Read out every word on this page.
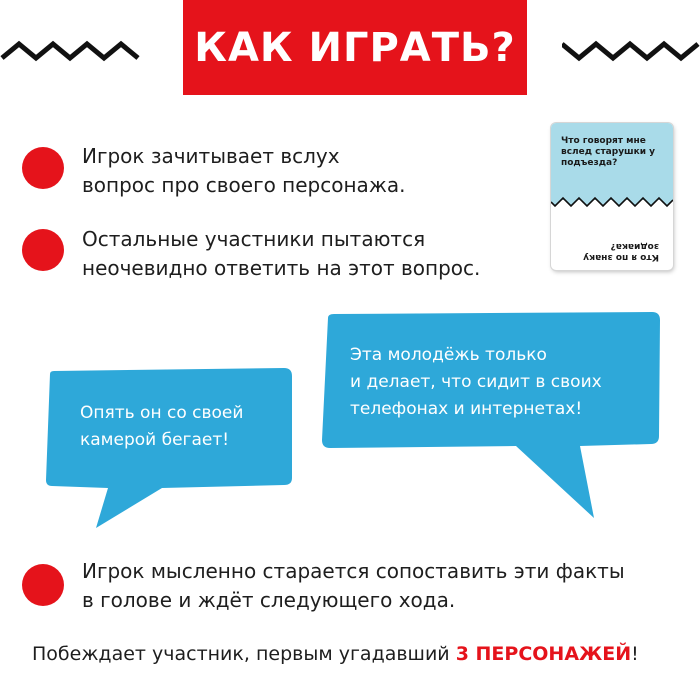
КАК ИГРАТЬ?
Игрок зачитывает вслух
вопрос про своего персонажа.
Остальные участники пытаются
неочевидно ответить на этот вопрос.
Что говорят мне вслед старушки у подъезда?
Кто я по знаку зодиака?
Опять он со своей
камерой бегает!
Эта молодёжь только
и делает, что сидит в своих
телефонах и интернетах!
Игрок мысленно старается сопоставить эти факты
в голове и ждёт следующего хода.
Побеждает участник, первым угадавший 3 ПЕРСОНАЖЕЙ!
